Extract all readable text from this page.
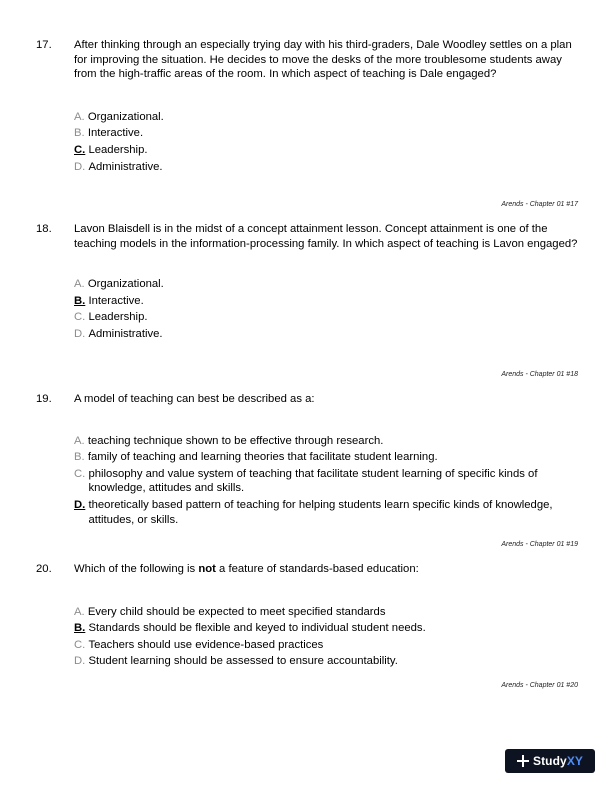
17.	After thinking through an especially trying day with his third-graders, Dale Woodley settles on a plan for improving the situation. He decides to move the desks of the more troublesome students away from the high-traffic areas of the room. In which aspect of teaching is Dale engaged?
A.
Organizational.
B.
Interactive.
C.
Leadership.
D.
Administrative.
Arends - Chapter 01 #17
18.	Lavon Blaisdell is in the midst of a concept attainment lesson. Concept attainment is one of the teaching models in the information-processing family. In which aspect of teaching is Lavon engaged?
A.
Organizational.
B.
Interactive.
C.
Leadership.
D.
Administrative.
Arends - Chapter 01 #18
19.	A model of teaching can best be described as a:
A.
teaching technique shown to be effective through research.
B.
family of teaching and learning theories that facilitate student learning.
C.
philosophy and value system of teaching that facilitate student learning of specific kinds of knowledge, attitudes and skills.
D.
theoretically based pattern of teaching for helping students learn specific kinds of knowledge, attitudes, or skills.
Arends - Chapter 01 #19
20.	Which of the following is not a feature of standards-based education:
A.
Every child should be expected to meet specified standards
B.
Standards should be flexible and keyed to individual student needs.
C.
Teachers should use evidence-based practices
D.
Student learning should be assessed to ensure accountability.
Arends - Chapter 01 #20
StudyXY
